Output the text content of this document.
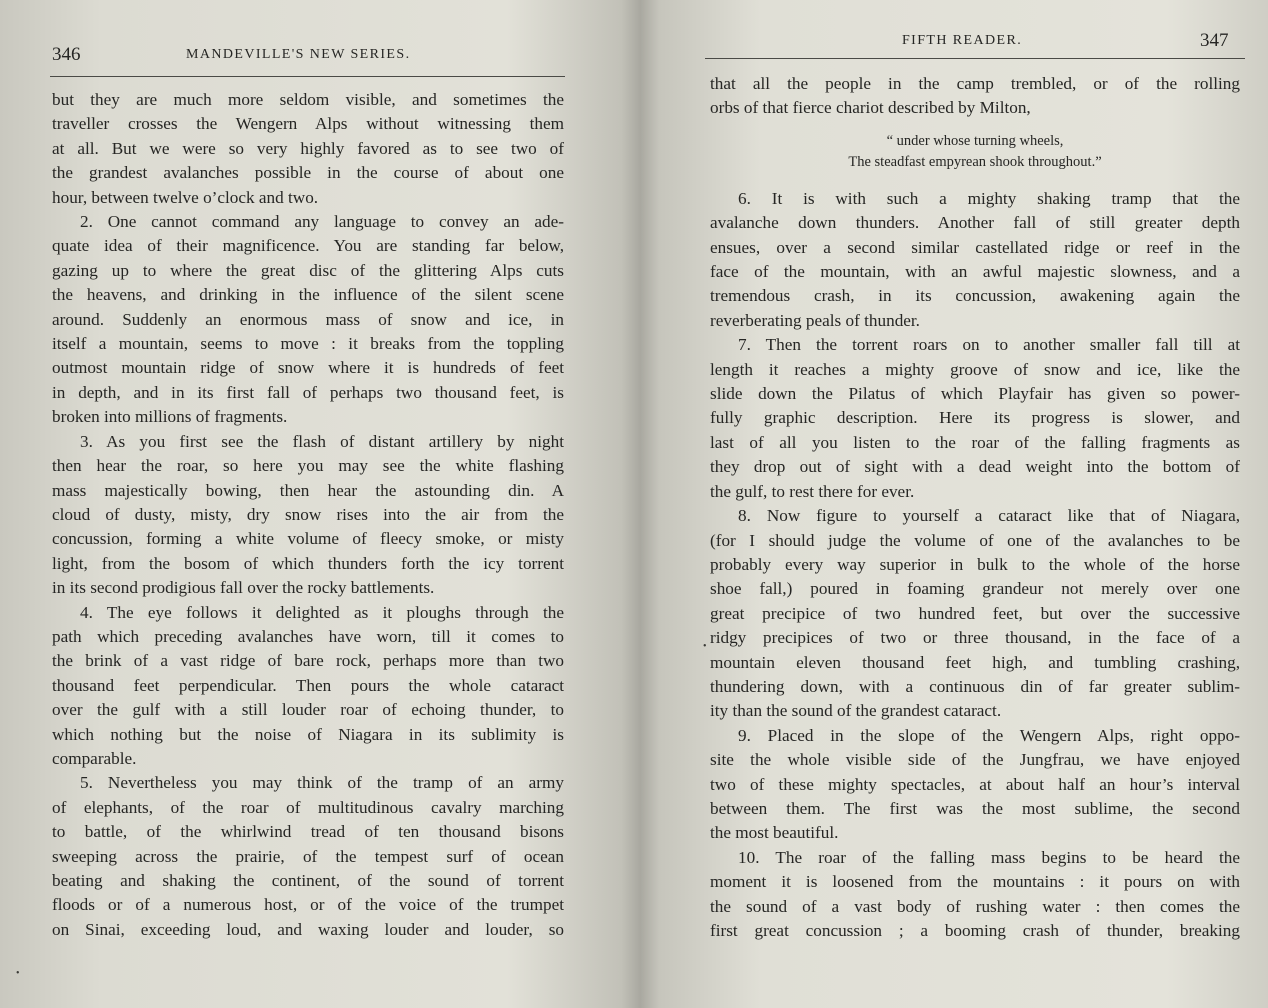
346	MANDEVILLE'S NEW SERIES.
but they are much more seldom visible, and sometimes the
traveller crosses the Wengern Alps without witnessing them
at all. But we were so very highly favored as to see two of
the grandest avalanches possible in the course of about one
hour, between twelve o’clock and two.
2. One cannot command any language to convey an ade-
quate idea of their magnificence. You are standing far below,
gazing up to where the great disc of the glittering Alps cuts
the heavens, and drinking in the influence of the silent scene
around. Suddenly an enormous mass of snow and ice, in
itself a mountain, seems to move : it breaks from the toppling
outmost mountain ridge of snow where it is hundreds of feet
in depth, and in its first fall of perhaps two thousand feet, is
broken into millions of fragments.
3. As you first see the flash of distant artillery by night
then hear the roar, so here you may see the white flashing
mass majestically bowing, then hear the astounding din. A
cloud of dusty, misty, dry snow rises into the air from the
concussion, forming a white volume of fleecy smoke, or misty
light, from the bosom of which thunders forth the icy torrent
in its second prodigious fall over the rocky battlements.
4. The eye follows it delighted as it ploughs through the
path which preceding avalanches have worn, till it comes to
the brink of a vast ridge of bare rock, perhaps more than two
thousand feet perpendicular. Then pours the whole cataract
over the gulf with a still louder roar of echoing thunder, to
which nothing but the noise of Niagara in its sublimity is
comparable.
5. Nevertheless you may think of the tramp of an army
of elephants, of the roar of multitudinous cavalry marching
to battle, of the whirlwind tread of ten thousand bisons
sweeping across the prairie, of the tempest surf of ocean
beating and shaking the continent, of the sound of torrent
floods or of a numerous host, or of the voice of the trumpet
on Sinai, exceeding loud, and waxing louder and louder, so
FIFTH READER.	347
that all the people in the camp trembled, or of the rolling
orbs of that fierce chariot described by Milton,
“ under whose turning wheels,
The steadfast empyrean shook throughout.”
6. It is with such a mighty shaking tramp that the
avalanche down thunders. Another fall of still greater depth
ensues, over a second similar castellated ridge or reef in the
face of the mountain, with an awful majestic slowness, and a
tremendous crash, in its concussion, awakening again the
reverberating peals of thunder.
7. Then the torrent roars on to another smaller fall till at
length it reaches a mighty groove of snow and ice, like the
slide down the Pilatus of which Playfair has given so power-
fully graphic description. Here its progress is slower, and
last of all you listen to the roar of the falling fragments as
they drop out of sight with a dead weight into the bottom of
the gulf, to rest there for ever.
8. Now figure to yourself a cataract like that of Niagara,
(for I should judge the volume of one of the avalanches to be
probably every way superior in bulk to the whole of the horse
shoe fall,) poured in foaming grandeur not merely over one
great precipice of two hundred feet, but over the successive
ridgy precipices of two or three thousand, in the face of a
mountain eleven thousand feet high, and tumbling crashing,
thundering down, with a continuous din of far greater sublim-
ity than the sound of the grandest cataract.
9. Placed in the slope of the Wengern Alps, right oppo-
site the whole visible side of the Jungfrau, we have enjoyed
two of these mighty spectacles, at about half an hour’s interval
between them. The first was the most sublime, the second
the most beautiful.
10. The roar of the falling mass begins to be heard the
moment it is loosened from the mountains : it pours on with
the sound of a vast body of rushing water : then comes the
first great concussion ; a booming crash of thunder, breaking
•
•
